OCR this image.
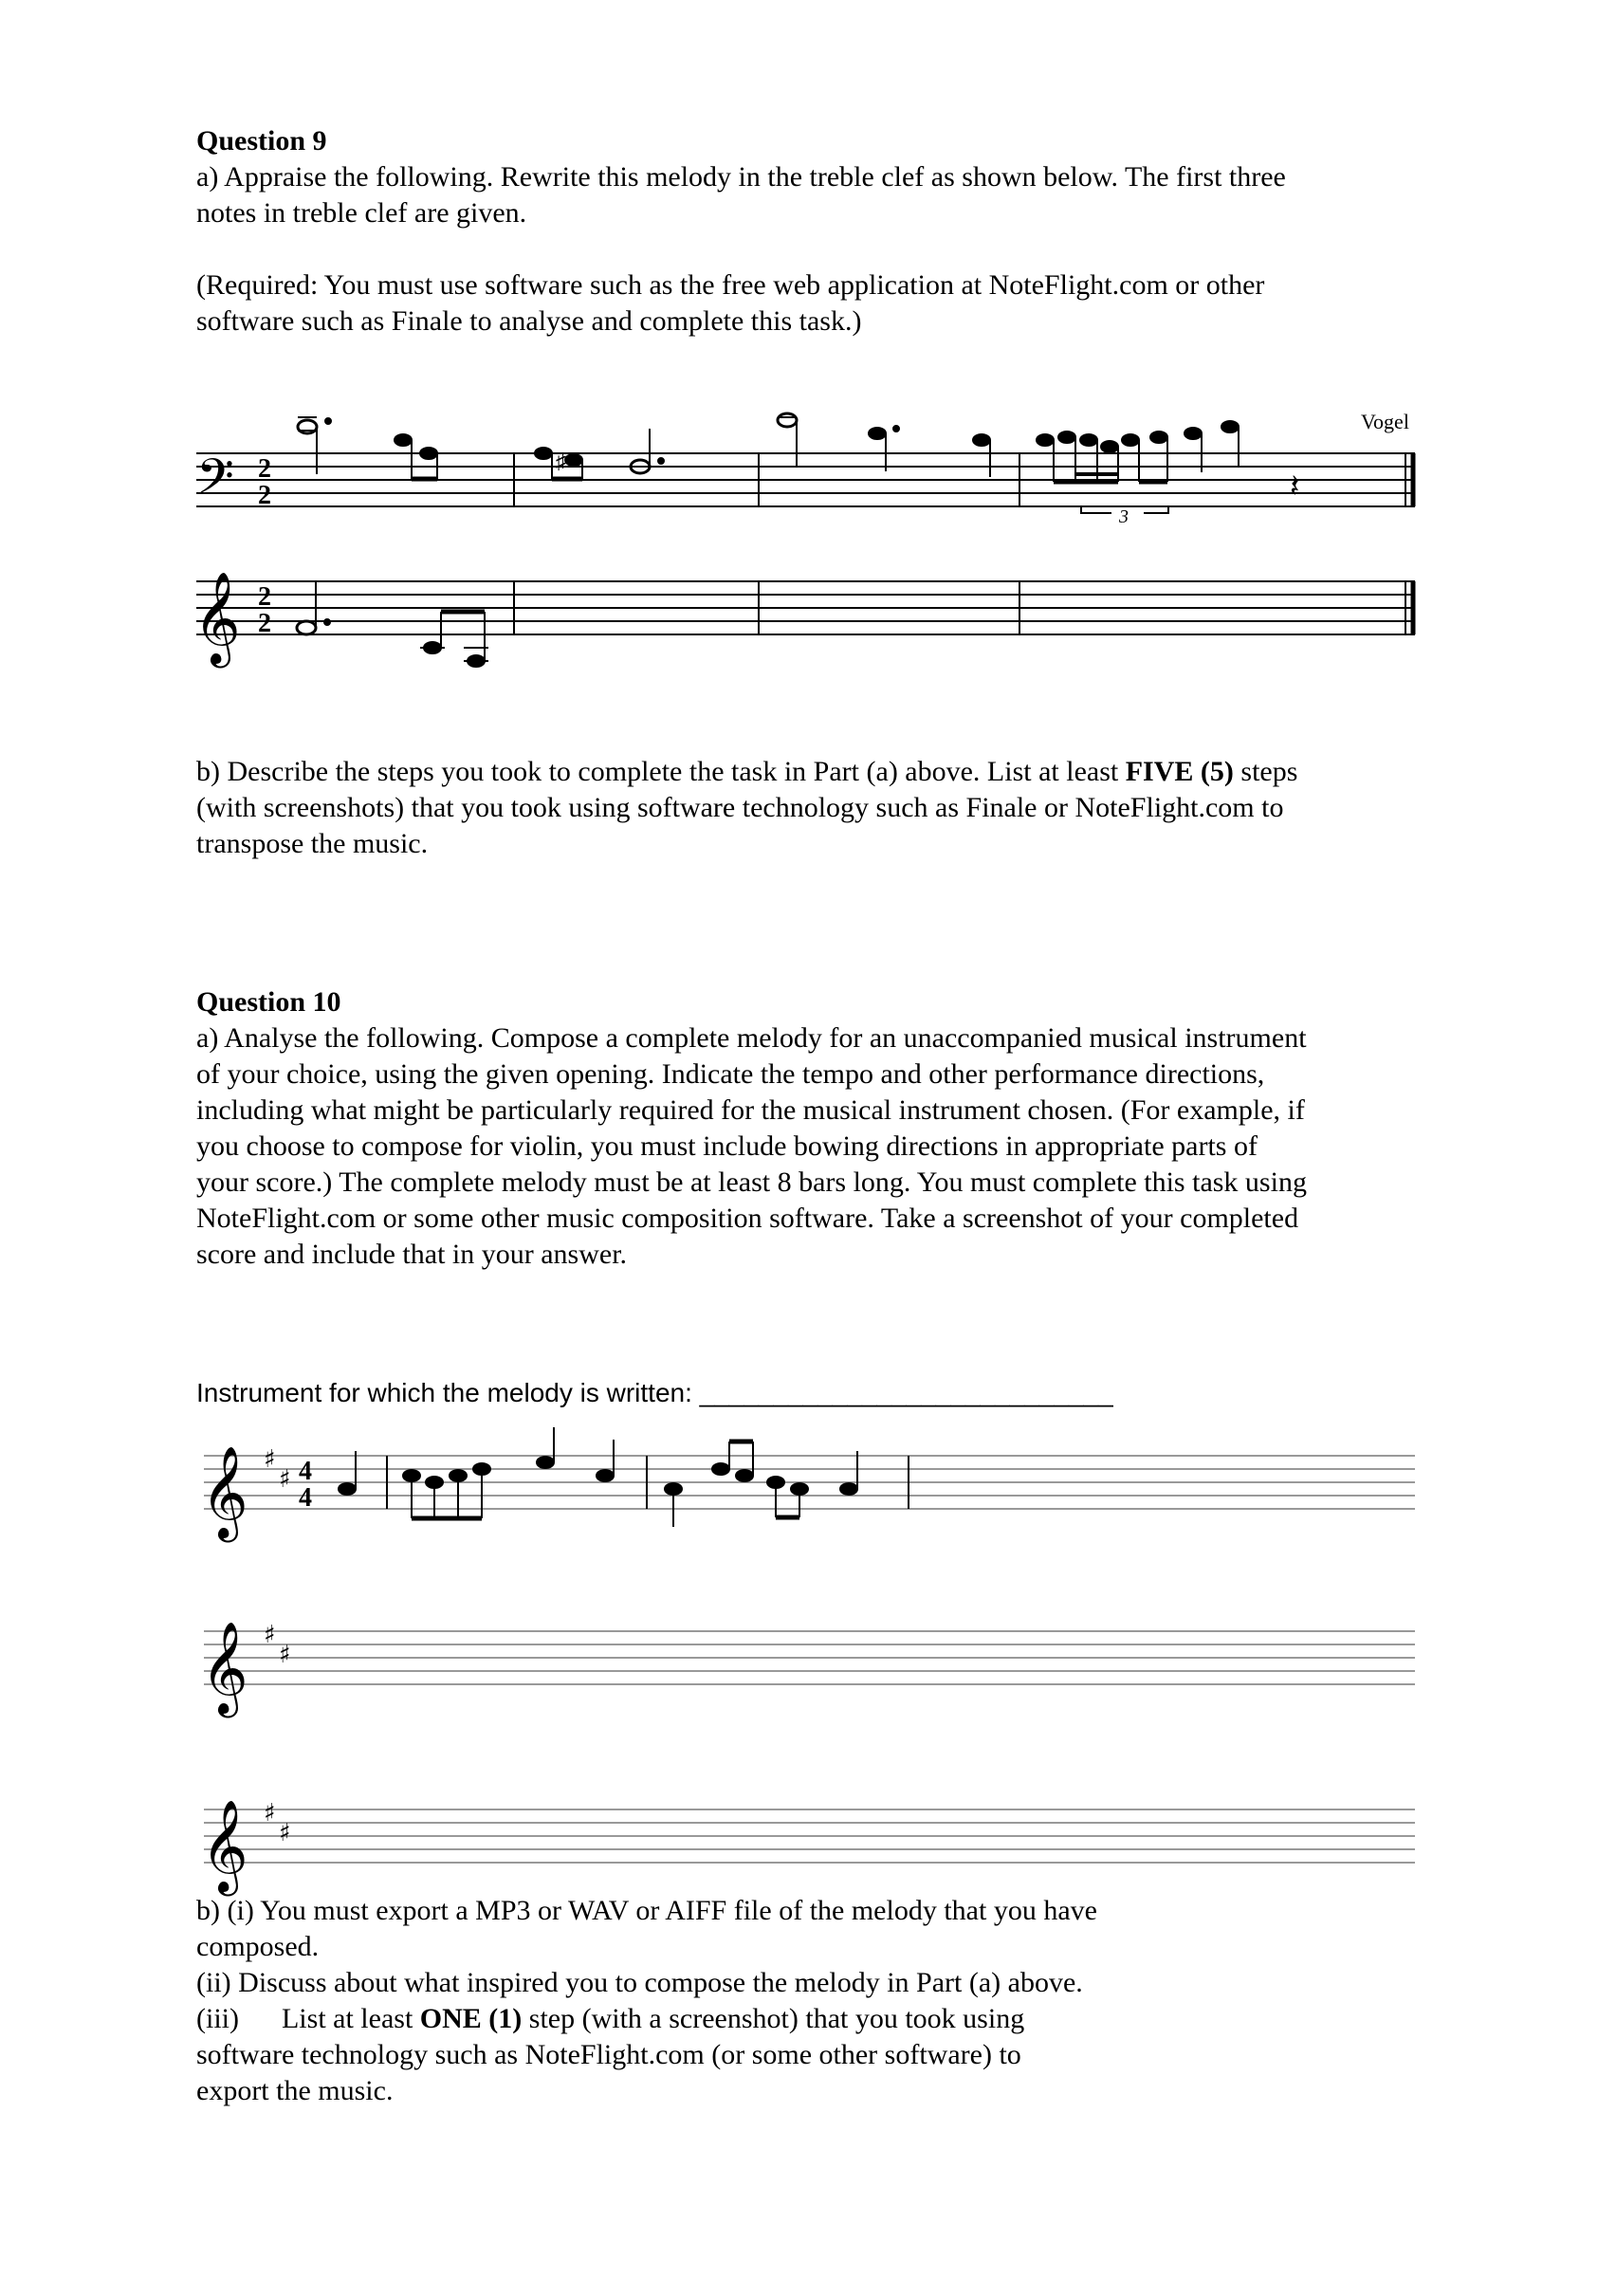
Question 9

a) Appraise the following. Rewrite this melody in the treble clef as shown below. The first three

notes in treble clef are given.

(Required: You must use software such as the free web application at NoteFlight.com or other

software such as Finale to analyse and complete this task.)

𝄢 2
2
Vogel
♯
𝄽
3
𝄞 2
2

b) Describe the steps you took to complete the task in Part (a) above. List at least FIVE (5) steps

(with screenshots) that you took using software technology such as Finale or NoteFlight.com to

transpose the music.

Question 10

a) Analyse the following. Compose a complete melody for an unaccompanied musical instrument

of your choice, using the given opening. Indicate the tempo and other performance directions,

including what might be particularly required for the musical instrument chosen. (For example, if

you choose to compose for violin, you must include bowing directions in appropriate parts of

your score.) The complete melody must be at least 8 bars long. You must complete this task using

NoteFlight.com or some other music composition software. Take a screenshot of your completed

score and include that in your answer.

Instrument for which the melody is written: ____________________________

𝄞 ♯
♯ 4
4
𝄞 ♯
♯
𝄞 ♯
♯

b) (i) You must export a MP3 or WAV or AIFF file of the melody that you have

composed.

(ii) Discuss about what inspired you to compose the melody in Part (a) above.

(iii)      List at least ONE (1) step (with a screenshot) that you took using

software technology such as NoteFlight.com (or some other software) to

export the music.
